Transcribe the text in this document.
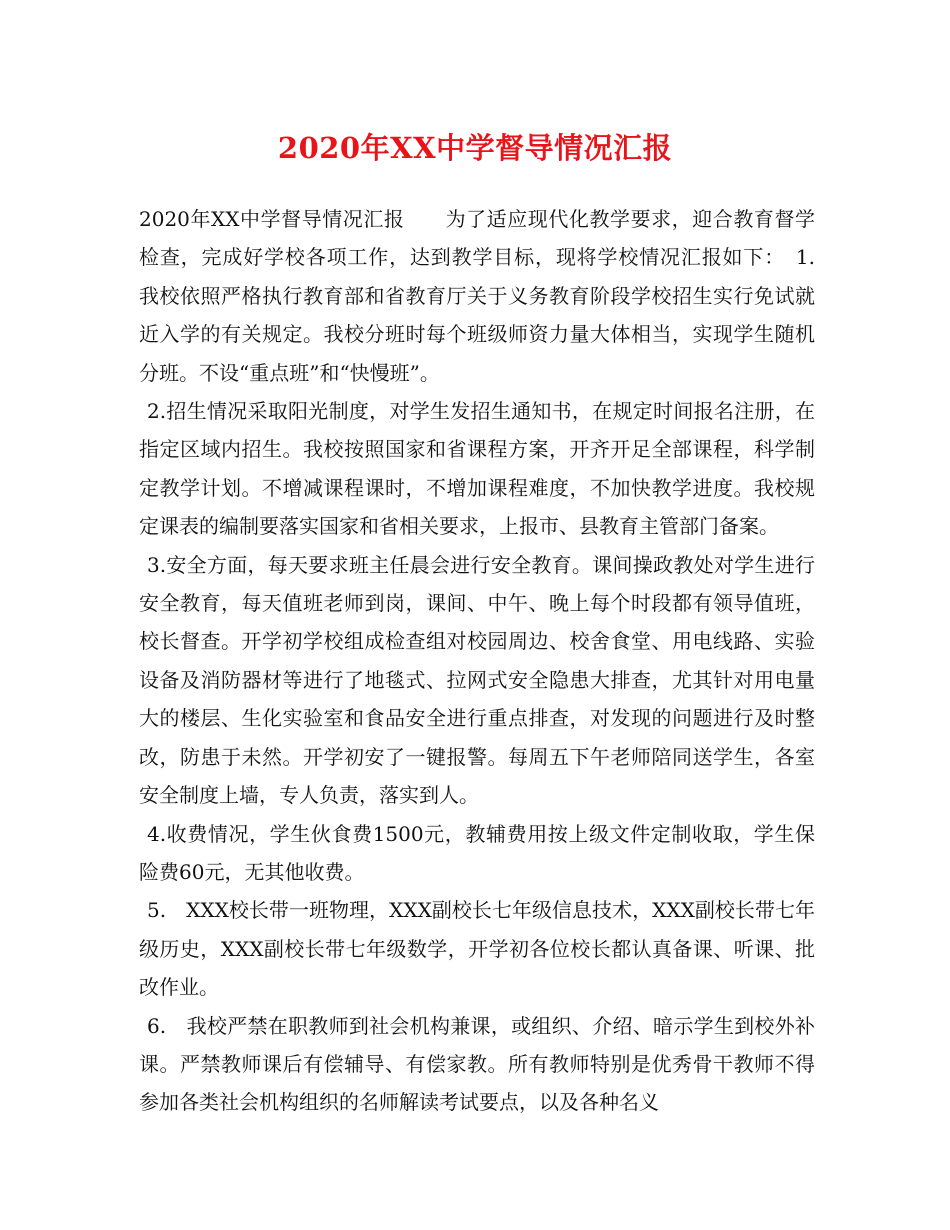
2020年XX中学督导情况汇报

2020年XX中学督导情况汇报　　为了适应现代化教学要求，迎合教育督学检查，完成好学校各项工作，达到教学目标，现将学校情况汇报如下：　1.　我校依照严格执行教育部和省教育厅关于义务教育阶段学校招生实行免试就近入学的有关规定。我校分班时每个班级师资力量大体相当，实现学生随机分班。不设“重点班”和“快慢班”。

2.招生情况采取阳光制度，对学生发招生通知书，在规定时间报名注册，在指定区域内招生。我校按照国家和省课程方案，开齐开足全部课程，科学制定教学计划。不增减课程课时，不增加课程难度，不加快教学进度。我校规定课表的编制要落实国家和省相关要求，上报市、县教育主管部门备案。

3.安全方面，每天要求班主任晨会进行安全教育。课间操政教处对学生进行安全教育，每天值班老师到岗，课间、中午、晚上每个时段都有领导值班，校长督查。开学初学校组成检查组对校园周边、校舍食堂、用电线路、实验设备及消防器材等进行了地毯式、拉网式安全隐患大排查，尤其针对用电量大的楼层、生化实验室和食品安全进行重点排查，对发现的问题进行及时整改，防患于未然。开学初安了一键报警。每周五下午老师陪同送学生，各室安全制度上墙，专人负责，落实到人。

4.收费情况，学生伙食费1500元，教辅费用按上级文件定制收取，学生保险费60元，无其他收费。

5.　XXX校长带一班物理，XXX副校长七年级信息技术，XXX副校长带七年级历史，XXX副校长带七年级数学，开学初各位校长都认真备课、听课、批改作业。

6.　我校严禁在职教师到社会机构兼课，或组织、介绍、暗示学生到校外补课。严禁教师课后有偿辅导、有偿家教。所有教师特别是优秀骨干教师不得参加各类社会机构组织的名师解读考试要点，以及各种名义
